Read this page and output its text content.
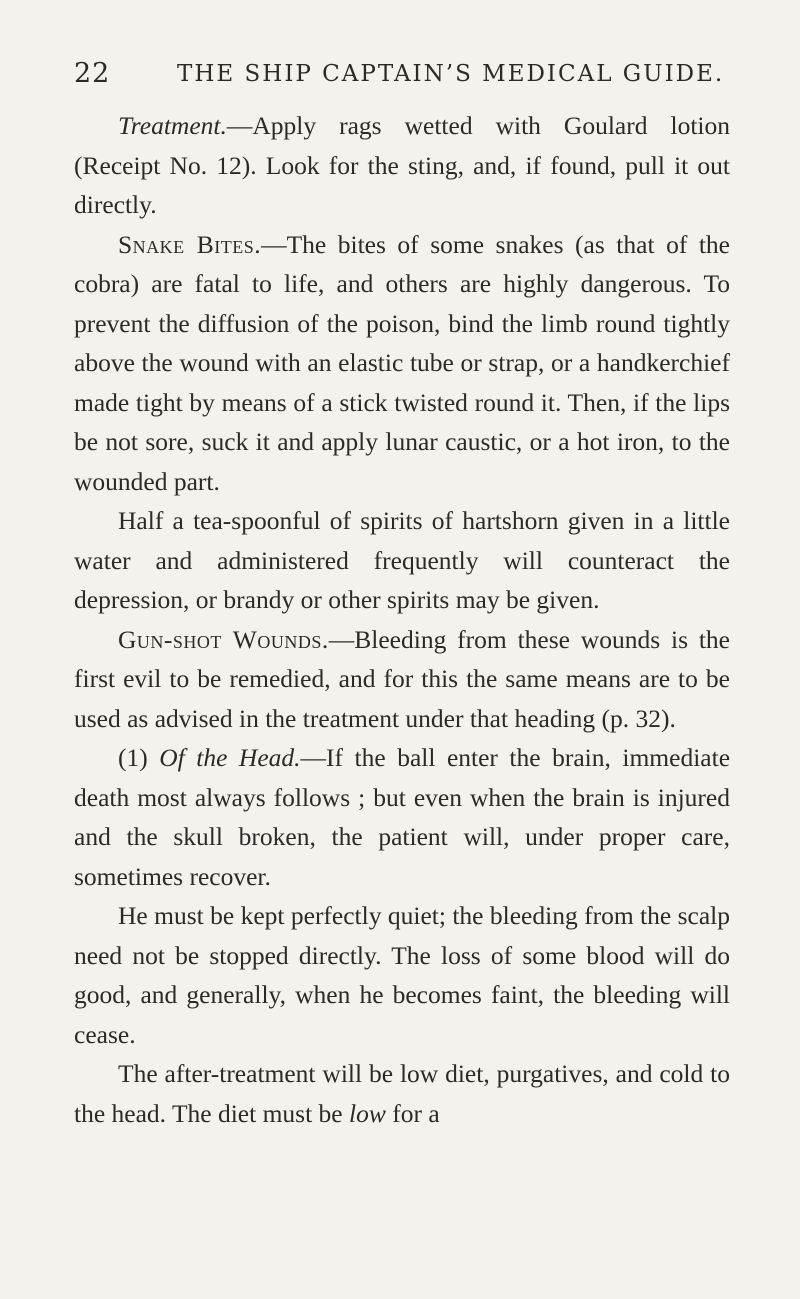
22	THE SHIP CAPTAIN’S MEDICAL GUIDE.

Treatment.—Apply rags wetted with Goulard lotion (Receipt No. 12). Look for the sting, and, if found, pull it out directly.

Snake Bites.—The bites of some snakes (as that of the cobra) are fatal to life, and others are highly dangerous. To prevent the diffusion of the poison, bind the limb round tightly above the wound with an elastic tube or strap, or a handkerchief made tight by means of a stick twisted round it. Then, if the lips be not sore, suck it and apply lunar caustic, or a hot iron, to the wounded part.

Half a tea-spoonful of spirits of hartshorn given in a little water and administered frequently will counteract the depression, or brandy or other spirits may be given.

Gun-shot Wounds.—Bleeding from these wounds is the first evil to be remedied, and for this the same means are to be used as advised in the treatment under that heading (p. 32).

(1) Of the Head.—If the ball enter the brain, immediate death most always follows ; but even when the brain is injured and the skull broken, the patient will, under proper care, sometimes recover.

He must be kept perfectly quiet; the bleeding from the scalp need not be stopped directly. The loss of some blood will do good, and generally, when he becomes faint, the bleeding will cease.

The after-treatment will be low diet, purgatives, and cold to the head. The diet must be low for a
